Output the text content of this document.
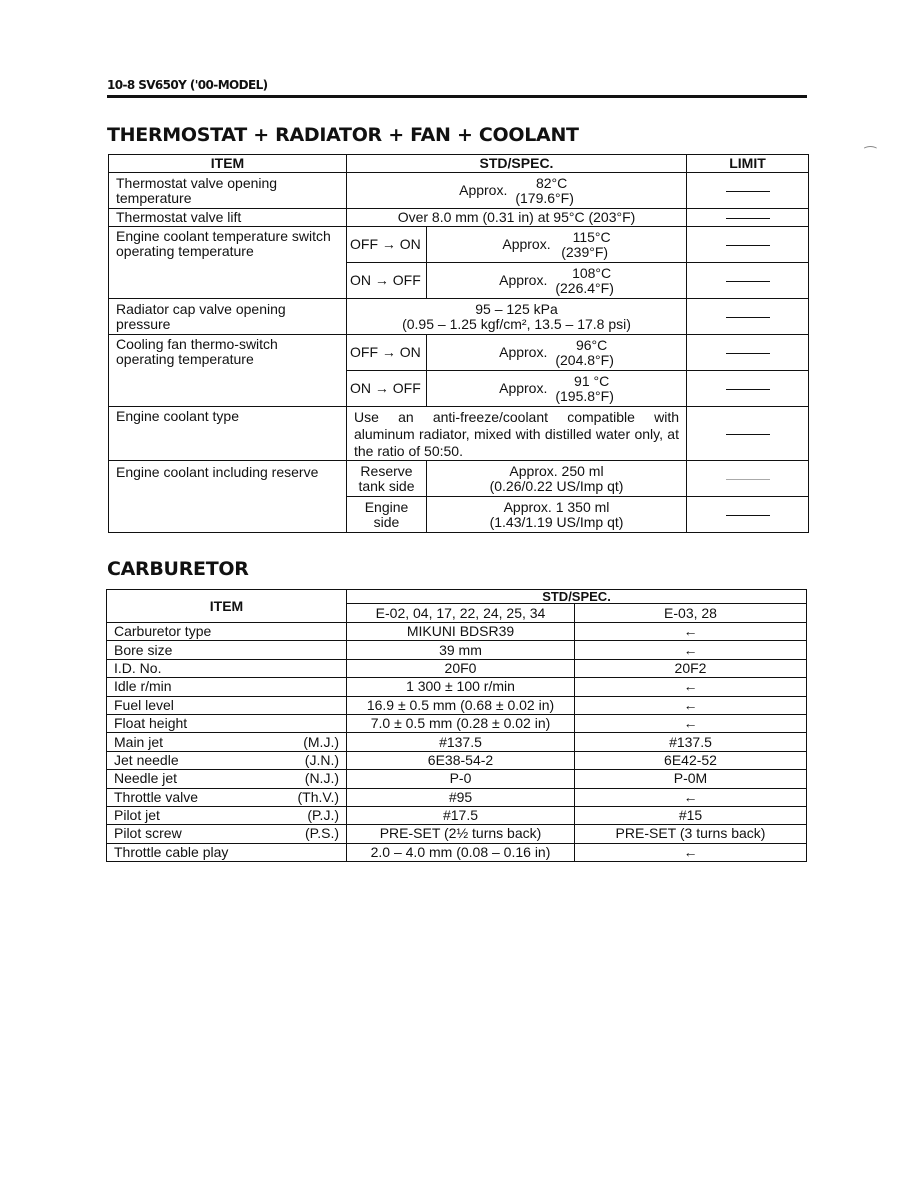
10-8 SV650Y ('00-MODEL)
THERMOSTAT + RADIATOR + FAN + COOLANT
ITEM	STD/SPEC.		LIMIT
Thermostat valve opening temperature	Approx. 82°C
(179.6°F)		

Thermostat valve lift	Over 8.0 mm (0.31 in) at 95°C (203°F)		
Engine coolant temperature switch operating temperature	OFF → ON	Approx. 115°C
(239°F)	

	ON → OFF	Approx. 108°C
(226.4°F)	

Radiator cap valve opening pressure	95 – 125 kPa
(0.95 – 1.25 kgf/cm², 13.5 – 17.8 psi)		

Cooling fan thermo-switch operating temperature	OFF → ON	Approx. 96°C
(204.8°F)	

	ON → OFF	Approx. 91 °C
(195.8°F)	

Engine coolant type	Use an anti-freeze/coolant compatible with aluminum radiator, mixed with distilled water only, at the ratio of 50:50.		
Engine coolant including reserve	Reserve tank side	Approx. 250 ml
(0.26/0.22 US/Imp qt)	

	Engine side	Approx. 1 350 ml
(1.43/1.19 US/Imp qt)	

CARBURETOR
ITEM	STD/SPEC.	
	E-02, 04, 17, 22, 24, 25, 34	E-03, 28

Carburetor type	MIKUNI BDSR39	←

Bore size	39 mm	←

I.D. No.	20F0	20F2

Idle r/min	1 300 ± 100 r/min	←

Fuel level	16.9 ± 0.5 mm (0.68 ± 0.02 in)	←

Float height	7.0 ± 0.5 mm (0.28 ± 0.02 in)	←

Main jet (M.J.)	#137.5	#137.5

Jet needle (J.N.)	6E38-54-2	6E42-52

Needle jet (N.J.)	P-0	P-0M

Throttle valve (Th.V.)	#95	←

Pilot jet (P.J.)	#17.5	#15

Pilot screw (P.S.)	PRE-SET (2½ turns back)	PRE-SET (3 turns back)

Throttle cable play	2.0 – 4.0 mm (0.08 – 0.16 in)	←
⁀
